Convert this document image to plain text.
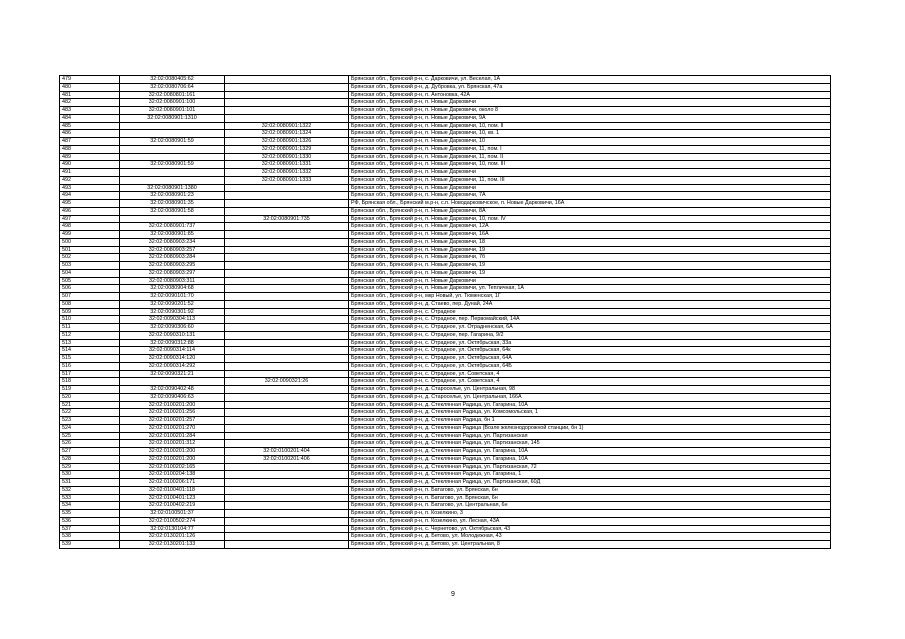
479	32:02:0080405:62		Брянская обл., Брянский р-н, с. Дарковичи, ул. Веселая, 1А
480	32:02:0080706:64		Брянская обл., Брянский р-н, д. Дубровка, ул. Брянская, 47а
481	32:02:0080801:161		Брянская обл., Брянский р-н, п. Антоновка, 42А
482	32:02:0080901:100		Брянская обл., Брянский р-н, п. Новые Дарковичи
483	32:02:0080901:101		Брянская обл., Брянский р-н, п. Новые Дарковичи, около 8
484	32:02:0080901:1310		Брянская обл., Брянский р-н, п. Новые Дарковичи, 9А
485		32:02:0080901:1322	Брянская обл., Брянский р-н, п. Новые Дарковичи, 10, пом. II
486		32:02:0080901:1324	Брянская обл., Брянский р-н, п. Новые Дарковичи, 10, кв. 1
487	32:02:0080901:59	32:02:0080901:1326	Брянская обл., Брянский р-н, п. Новые Дарковичи, 10
488		32:02:0080901:1329	Брянская обл., Брянский р-н, п. Новые Дарковичи, 11, пом. I
489		32:02:0080901:1330	Брянская обл., Брянский р-н, п. Новые Дарковичи, 11, пом. II
490	32:02:0080901:59	32:02:0080901:1331	Брянская обл., Брянский р-н, п. Новые Дарковичи, 10, пом. III
491		32:02:0080901:1332	Брянская обл., Брянский р-н, п. Новые Дарковичи
492		32:02:0080901:1333	Брянская обл., Брянский р-н, п. Новые Дарковичи, 11, пом. III
493	32:02:0080901:1380		Брянская обл., Брянский р-н, п. Новые Дарковичи
494	32:02:0080901:23		Брянская обл., Брянский р-н, п. Новые Дарковичи, 7А
495	32:02:0080901:35		РФ, Брянская обл., Брянский м.р-н, с.п. Новодарковичское, п. Новые Дарковичи, 16А
496	32:02:0080901:58		Брянская обл., Брянский р-н, п. Новые Дарковичи, 8А
497		32:02:0080901:735	Брянская обл., Брянский р-н, п. Новые Дарковичи, 10, пом. IV
498	32:02:0080901:737		Брянская обл., Брянский р-н, п. Новые Дарковичи, 12А
499	32:02:0080901:85		Брянская обл., Брянский р-н, п. Новые Дарковичи, 16А
500	32:02:0080903:234		Брянская обл., Брянский р-н, п. Новые Дарковичи, 18
501	32:02:0080903:257		Брянская обл., Брянский р-н, п. Новые Дарковичи, 19
502	32:02:0080903:284		Брянская обл., Брянский р-н, п. Новые Дарковичи, 7б
503	32:02:0080903:295		Брянская обл., Брянский р-н, п. Новые Дарковичи, 19
504	32:02:0080903:297		Брянская обл., Брянский р-н, п. Новые Дарковичи, 19
505	32:02:0080903:311		Брянская обл., Брянский р-н, п. Новые Дарковичи
506	32:02:0080904:68		Брянская обл., Брянский р-н, п. Новые Дарковичи, ул. Тепличная, 1А
507	32:02:0090101:70		Брянская обл., Брянский р-н, мкр Новый, ул. Тюменская, 1Г
508	32:02:0090201:52		Брянская обл., Брянский р-н, д. Стаево, пер. Дунай, 24А
509	32:02:0090301:92		Брянская обл., Брянский р-н, с. Отрадное
510	32:02:0090304:113		Брянская обл., Брянский р-н, с. Отрадное, пер. Первомайский, 14А
511	32:02:0090306:60		Брянская обл., Брянский р-н, с. Отрадное, ул. Отрадненская, 6А
512	32:02:0090310:131		Брянская обл., Брянский р-н, с. Отрадное, пер. Гагарина, 9/2
513	32:02:0090312:88		Брянская обл., Брянский р-н, с. Отрадное, ул. Октябрьская, 33а
514	32:02:0090314:114		Брянская обл., Брянский р-н, с. Отрадное, ул. Октябрьская, 64к
515	32:02:0090314:120		Брянская обл., Брянский р-н, с. Отрадное, ул. Октябрьская, 64А
516	32:02:0090314:292		Брянская обл., Брянский р-н, с. Отрадное, ул. Октябрьская, 64Б
517	32:02:0090321:21		Брянская обл., Брянский р-н, с. Отрадное, ул. Советская, 4
518		32:02:0090321:26	Брянская обл., Брянский р-н, с. Отрадное, ул. Советская, 4
519	32:02:0090402:48		Брянская обл., Брянский р-н, д. Староселье, ул. Центральная, 98
520	32:02:0090406:63		Брянская обл., Брянский р-н, д. Староселье, ул. Центральная, 166А
521	32:02:0100201:200		Брянская обл., Брянский р-н, д. Стеклянная Радица, ул. Гагарина, 10А
522	32:02:0100201:256		Брянская обл., Брянский р-н, д. Стеклянная Радица, ул. Комсомольская, 1
523	32:02:0100201:257		Брянская обл., Брянский р-н, д. Стеклянная Радица, бн 1
524	32:02:0100201:270		Брянская обл., Брянский р-н, д. Стеклянная Радица (Возле железнодорожной станции, бн 1)
525	32:02:0100201:284		Брянская обл., Брянский р-н, д. Стеклянная Радица, ул. Партизанская
526	32:02:0100201:312		Брянская обл., Брянский р-н, д. Стеклянная Радица, ул. Партизанская, 145
527	32:02:0100201:200	32:02:0100201:404	Брянская обл., Брянский р-н, д. Стеклянная Радица, ул. Гагарина, 10А
528	32:02:0100201:200	32:02:0100201:406	Брянская обл., Брянский р-н, д. Стеклянная Радица, ул. Гагарина, 10А
529	32:02:0100202:165		Брянская обл., Брянский р-н, д. Стеклянная Радица, ул. Партизанская, 72
530	32:02:0100204:138		Брянская обл., Брянский р-н, д. Стеклянная Радица, ул. Гагарина, 1
531	32:02:0100206:171		Брянская обл., Брянский р-н, д. Стеклянная Радица, ул. Партизанская, 60Д
532	32:02:0100401:118		Брянская обл., Брянский р-н, п. Батагово, ул. Брянская, 6н
533	32:02:0100401:123		Брянская обл., Брянский р-н, п. Батагово, ул. Брянская, 6н
534	32:02:0100402:219		Брянская обл., Брянский р-н, п. Батагово, ул. Центральная, 6н
535	32:02:0100501:37		Брянская обл., Брянский р-н, п. Козелкино, 3
536	32:02:0100502:274		Брянская обл., Брянский р-н, п. Козелкино, ул. Лесная, 43А
537	32:02:0130104:77		Брянская обл., Брянский р-н, с. Чернетово, ул. Октябрьская, 43
538	32:02:0130201:126		Брянская обл., Брянский р-н, д. Бетово, ул. Молодежная, 43
539	32:02:0130201:133		Брянская обл., Брянский р-н, д. Бетово, ул. Центральная, 8
9
